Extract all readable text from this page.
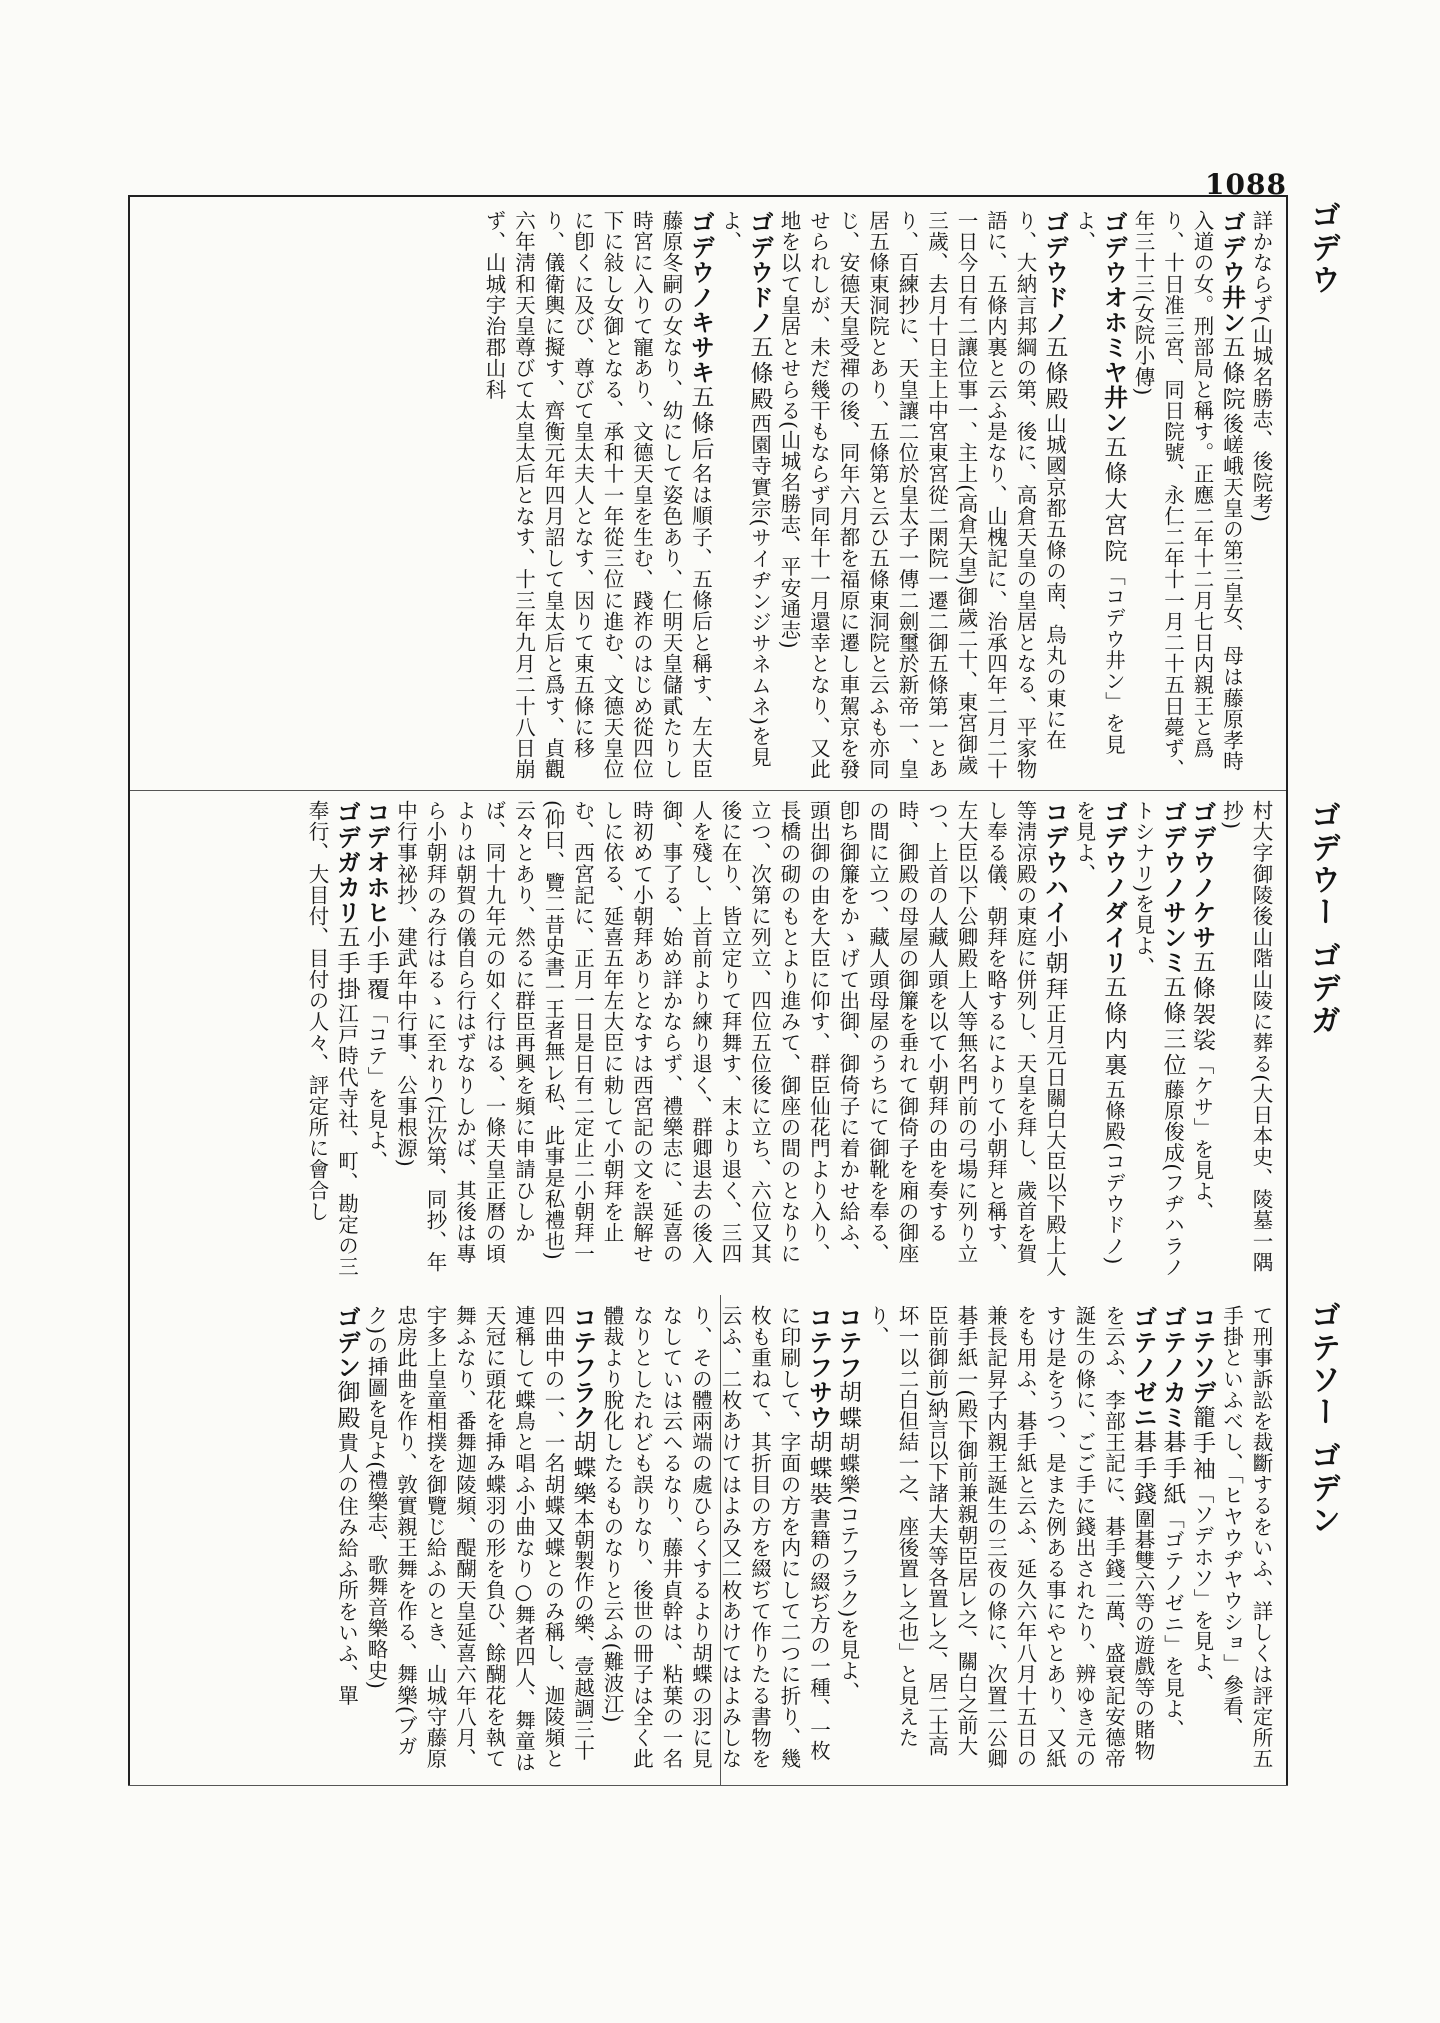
1088
ゴデウ
ゴデウー ゴデガ
ゴテソー ゴデン

詳かならず(山城名勝志、後院考)

ゴデウ井ン五條院後嵯峨天皇の第三皇女、母は藤原孝時入道の女。刑部局と稱す。正應二年十二月七日内親王と爲り、十日准三宮、同日院號、永仁二年十一月二十五日薨ず、年三十三(女院小傳)

ゴデウオホミヤ井ン五條大宮院「コデウ井ン」を見よ、

ゴデウドノ五條殿山城國京都五條の南、烏丸の東に在り、大納言邦綱の第、後に、高倉天皇の皇居となる、平家物語に、五條内裏と云ふ是なり、山槐記に、治承四年二月二十一日今日有二讓位事一、主上(高倉天皇)御歲二十、東宮御歲三歲、去月十日主上中宮東宮從二閑院一遷二御五條第一とあり、百練抄に、天皇讓二位於皇太子一傳二劍璽於新帝一、皇居五條東洞院とあり、五條第と云ひ五條東洞院と云ふも亦同じ、安德天皇受禪の後、同年六月都を福原に遷し車駕京を發せられしが、未だ幾干もならず同年十一月還幸となり、又此地を以て皇居とせらる(山城名勝志、平安通志)

ゴデウドノ五條殿西園寺實宗(サイヂンジサネムネ)を見よ、

ゴデウノキサキ五條后名は順子、五條后と稱す、左大臣藤原冬嗣の女なり、幼にして姿色あり、仁明天皇儲貳たりし時宮に入りて寵あり、文德天皇を生む、踐祚のはじめ從四位下に敍し女御となる、承和十一年從三位に進む、文德天皇位に卽くに及び、尊びて皇太夫人となす、因りて東五條に移り、儀衛輿に擬す、齊衡元年四月詔して皇太后と爲す、貞觀六年淸和天皇尊びて太皇太后となす、十三年九月二十八日崩ず、山城宇治郡山科

村大字御陵後山階山陵に葬る(大日本史、陵墓一隅抄)

ゴデウノケサ五條袈裟「ケサ」を見よ、

ゴデウノサンミ五條三位藤原俊成(フヂハラノトシナリ)を見よ、

ゴデウノダイリ五條内裏五條殿(コデウドノ)を見よ、

コデウハイ小朝拜正月元日關白大臣以下殿上人等淸凉殿の東庭に併列し、天皇を拜し、歲首を賀し奉る儀、朝拜を略するによりて小朝拜と稱す、左大臣以下公卿殿上人等無名門前の弓場に列り立つ、上首の人藏人頭を以て小朝拜の由を奏する時、御殿の母屋の御簾を垂れて御倚子を廂の御座の間に立つ、藏人頭母屋のうちにて御靴を奉る、卽ち御簾をかゝげて出御、御倚子に着かせ給ふ、頭出御の由を大臣に仰す、群臣仙花門より入り、長橋の砌のもとより進みて、御座の間のとなりに立つ、次第に列立、四位五位後に立ち、六位又其後に在り、皆立定りて拜舞す、末より退く、三四人を殘し、上首前より練り退く、群卿退去の後入御、事了る、始め詳かならず、禮樂志に、延喜の時初めて小朝拜ありとなすは西宮記の文を誤解せしに依る、延喜五年左大臣に勅して小朝拜を止む、西宮記に、正月一日是日有二定止二小朝拜一(仰曰、覽二昔史書一王者無レ私、此事是私禮也)云々とあり、然るに群臣再興を頻に申請ひしかば、同十九年元の如く行はる、一條天皇正曆の頃よりは朝賀の儀自ら行はずなりしかば、其後は專ら小朝拜のみ行はるゝに至れり(江次第、同抄、年中行事祕抄、建武年中行事、公事根源)

コデオホヒ小手覆「コテ」を見よ、

ゴデガカリ五手掛江戸時代寺社、町、勘定の三奉行、大目付、目付の人々、評定所に會合し

て刑事訴訟を裁斷するをいふ、詳しくは評定所五手掛といふべし、「ヒヤウヂヤウショ」參看、

コテソデ籠手袖「ソデホソ」を見よ、

ゴテノカミ碁手紙「ゴテノゼニ」を見よ、

ゴテノゼニ碁手錢圍碁雙六等の遊戲等の賭物を云ふ、李部王記に、碁手錢二萬、盛衰記安德帝誕生の條に、ごご手に錢出されたり、辨ゆき元のすけ是をうつ、是また例ある事にやとあり、又紙をも用ふ、碁手紙と云ふ、延久六年八月十五日の兼長記昇子内親王誕生の三夜の條に、次置二公卿碁手紙一(殿下御前兼親朝臣居レ之、關白之前大臣前御前)納言以下諸大夫等各置レ之、居二土高坏一以二白但結一之、座後置レ之也」と見えたり、

コテフ胡蝶胡蝶樂(コテフラク)を見よ、

コテフサウ胡蝶裝書籍の綴ぢ方の一種、一枚に印刷して、字面の方を内にして二つに折り、幾枚も重ねて、其折目の方を綴ぢて作りたる書物を云ふ、二枚あけてはよみ又二枚あけてはよみしなり、その體兩端の處ひらくするより胡蝶の羽に見なしていは云へるなり、藤井貞幹は、粘葉の一名なりとしたれども誤りなり、後世の冊子は全く此體裁より脫化したるものなりと云ふ(難波江)

コテフラク胡蝶樂本朝製作の樂、壹越調三十四曲中の一、一名胡蝶又蝶とのみ稱し、迦陵頻と連稱して蝶鳥と唱ふ小曲なり○舞者四人、舞童は天冠に頭花を挿み蝶羽の形を負ひ、餘醐花を執て舞ふなり、番舞迦陵頻、醍醐天皇延喜六年八月、宇多上皇童相撲を御覽じ給ふのとき、山城守藤原忠房此曲を作り、敦實親王舞を作る、舞樂(ブガク)の挿圖を見よ(禮樂志、歌舞音樂略史)

ゴデン御殿貴人の住み給ふ所をいふ、單
